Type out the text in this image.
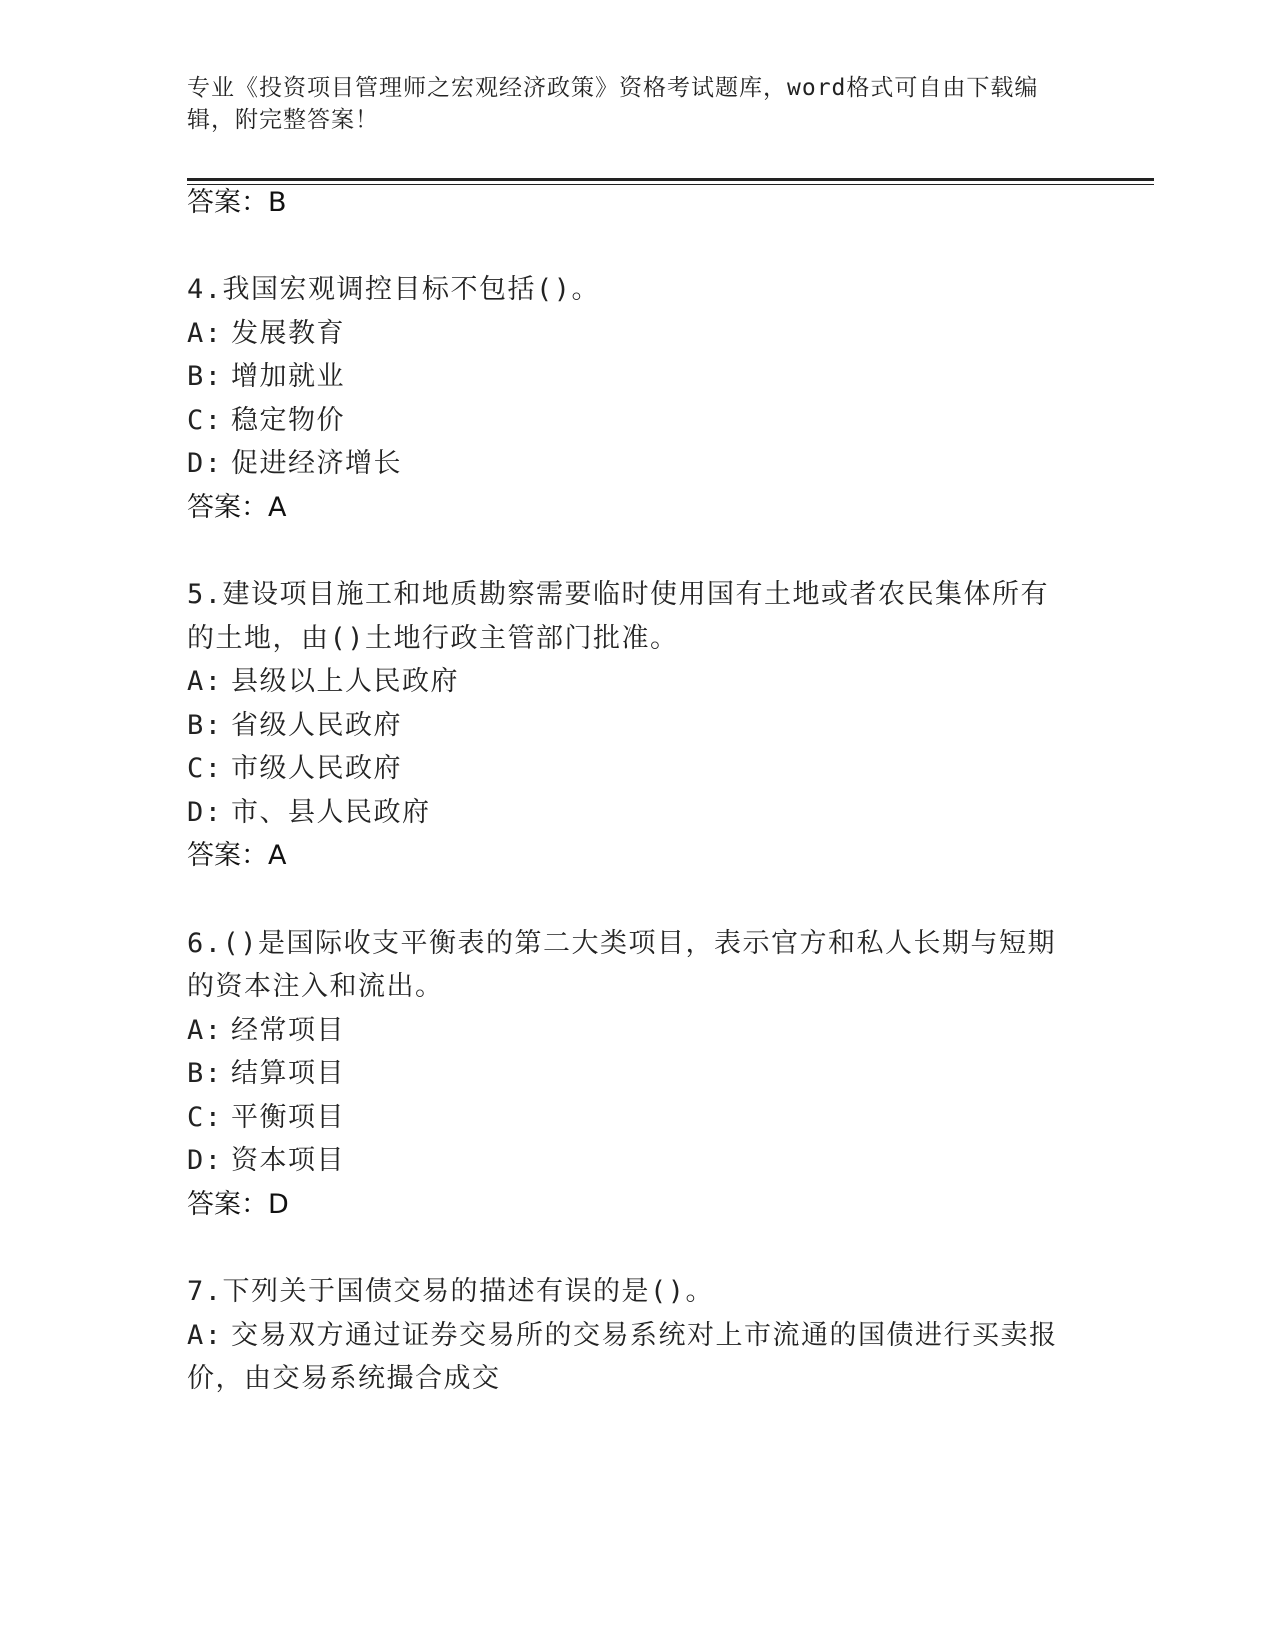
专业《投资项目管理师之宏观经济政策》资格考试题库，word格式可自由下载编
辑，附完整答案！
答案：B
4.我国宏观调控目标不包括()。
A: 发展教育
B: 增加就业
C: 稳定物价
D: 促进经济增长
答案：A
5.建设项目施工和地质勘察需要临时使用国有土地或者农民集体所有
的土地，由()土地行政主管部门批准。
A: 县级以上人民政府
B: 省级人民政府
C: 市级人民政府
D: 市、县人民政府
答案：A
6.()是国际收支平衡表的第二大类项目，表示官方和私人长期与短期
的资本注入和流出。
A: 经常项目
B: 结算项目
C: 平衡项目
D: 资本项目
答案：D
7.下列关于国债交易的描述有误的是()。
A: 交易双方通过证券交易所的交易系统对上市流通的国债进行买卖报
价，由交易系统撮合成交
